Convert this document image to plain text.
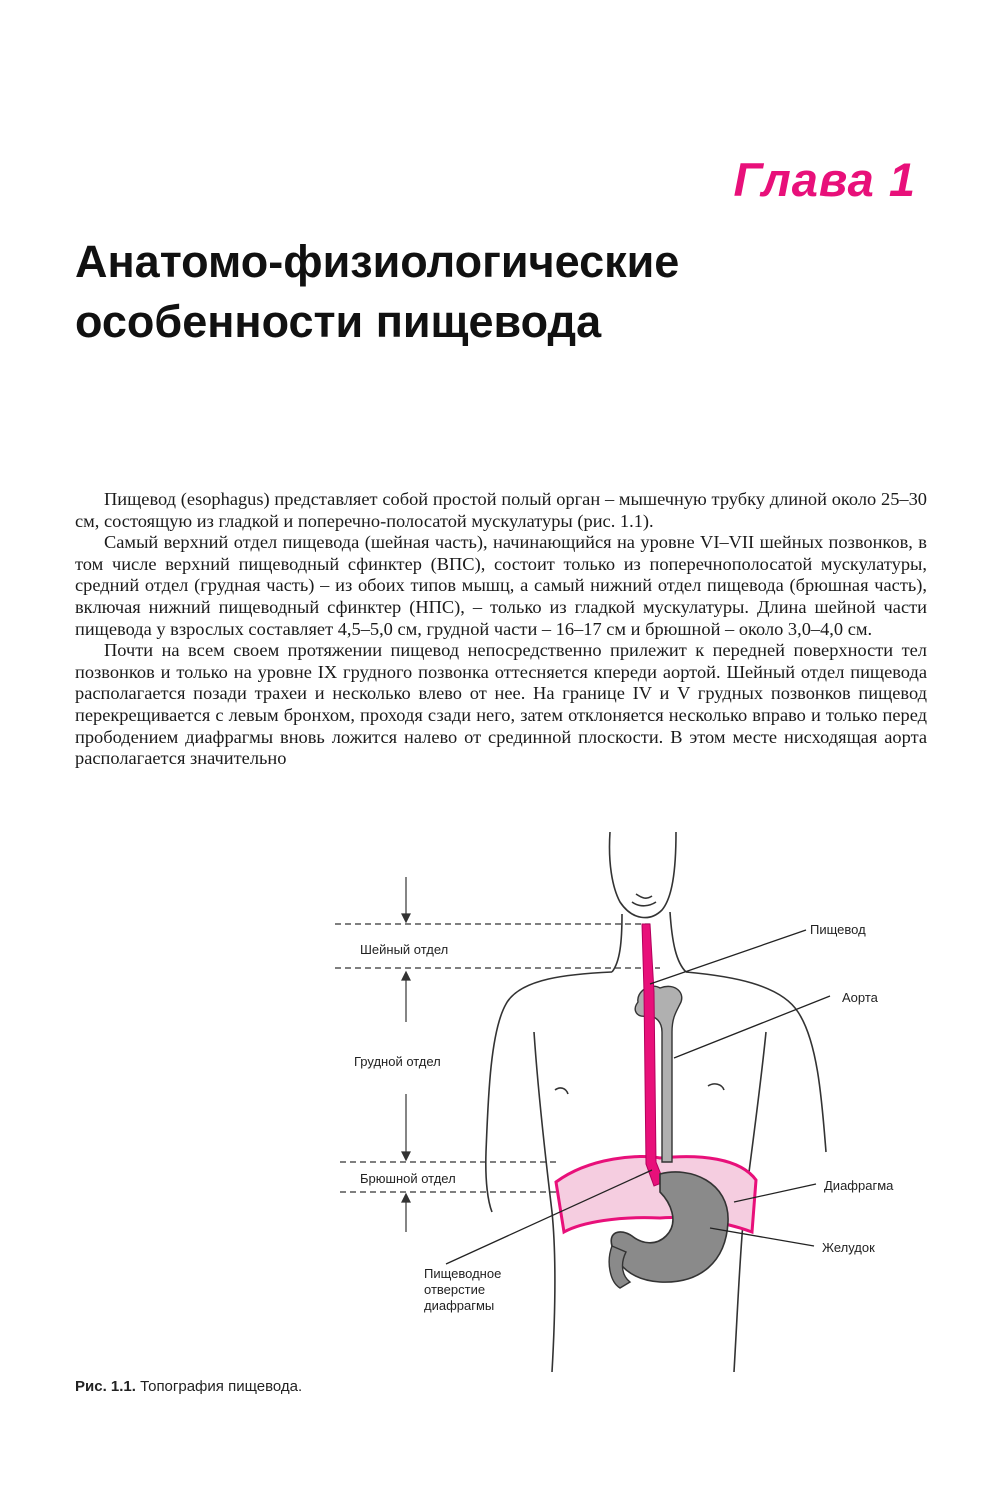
Глава 1
Анатомо-физиологические
особенности пищевода

Пищевод (esophagus) представляет собой простой полый орган – мышечную трубку длиной около 25–30 см, состоящую из гладкой и поперечно-полосатой мускулатуры (рис. 1.1).

Самый верхний отдел пищевода (шейная часть), начинающийся на уровне VI–VII шейных позвонков, в том числе верхний пищеводный сфинктер (ВПС), состоит только из поперечнополосатой мускулатуры, средний отдел (грудная часть) – из обоих типов мышц, а самый нижний отдел пищевода (брюшная часть), включая нижний пищеводный сфинктер (НПС), – только из гладкой мускулатуры. Длина шейной части пищевода у взрослых составляет 4,5–5,0 см, грудной части – 16–17 см и брюшной – около 3,0–4,0 см.

Почти на всем своем протяжении пищевод непосредственно прилежит к передней поверхности тел позвонков и только на уровне IX грудного позвонка оттесняется кпереди аортой. Шейный отдел пищевода располагается позади трахеи и несколько влево от нее. На границе IV и V грудных позвонков пищевод перекрещивается с левым бронхом, проходя сзади него, затем отклоняется несколько вправо и только перед прободением диафрагмы вновь ложится налево от срединной плоскости. В этом месте нисходящая аорта располагается значительно

Шейный отдел
Грудной отдел
Брюшной отдел
Пищевод
Аорта
Диафрагма
Желудок
Пищеводное отверстие диафрагмы
Рис. 1.1. Топография пищевода.
